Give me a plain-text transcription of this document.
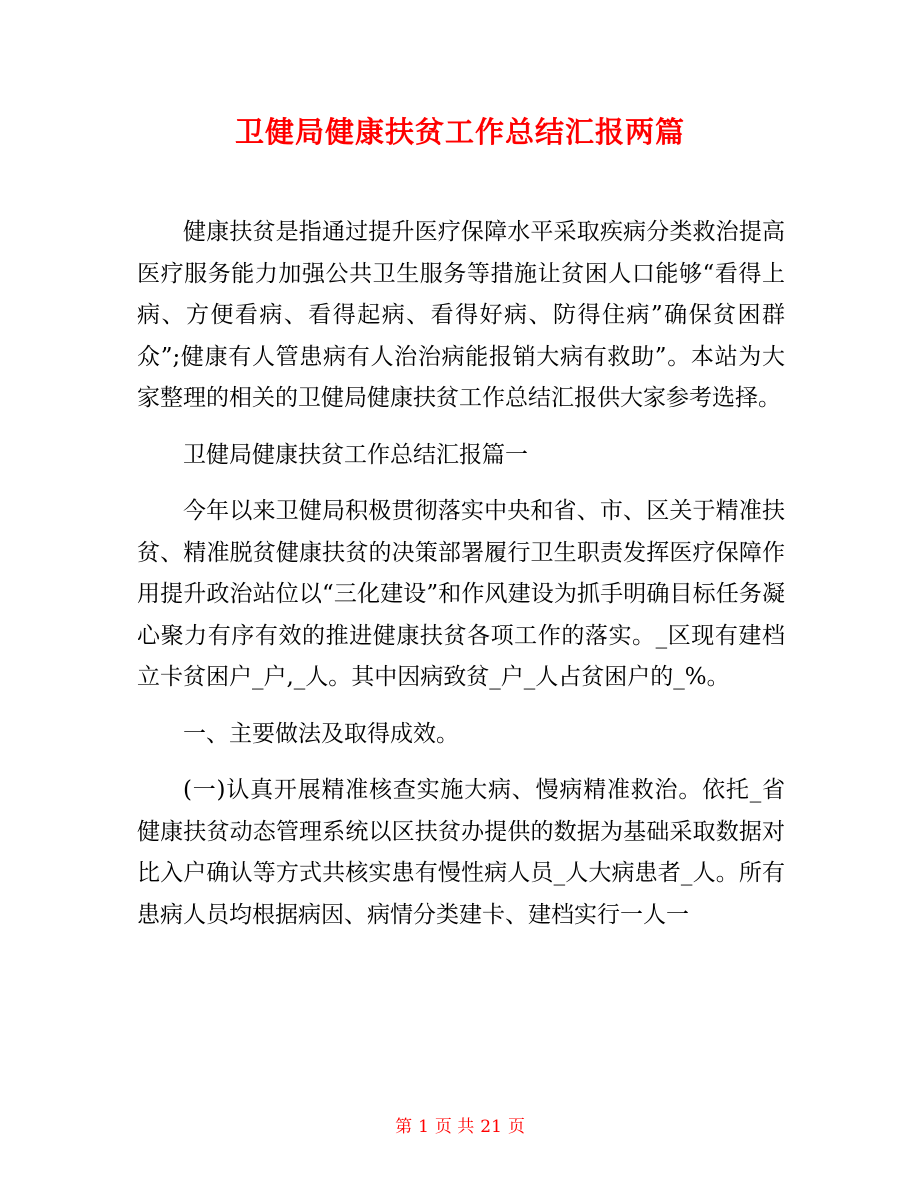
卫健局健康扶贫工作总结汇报两篇

健康扶贫是指通过提升医疗保障水平采取疾病分类救治提高医疗服务能力加强公共卫生服务等措施让贫困人口能够“看得上病、方便看病、看得起病、看得好病、防得住病”确保贫困群众”;健康有人管患病有人治治病能报销大病有救助”。本站为大家整理的相关的卫健局健康扶贫工作总结汇报供大家参考选择。

卫健局健康扶贫工作总结汇报篇一

今年以来卫健局积极贯彻落实中央和省、市、区关于精准扶贫、精准脱贫健康扶贫的决策部署履行卫生职责发挥医疗保障作用提升政治站位以“三化建设”和作风建设为抓手明确目标任务凝心聚力有序有效的推进健康扶贫各项工作的落实。_区现有建档立卡贫困户_户,_人。其中因病致贫_户_人占贫困户的_%。

一、主要做法及取得成效。

(一)认真开展精准核查实施大病、慢病精准救治。依托_省健康扶贫动态管理系统以区扶贫办提供的数据为基础采取数据对比入户确认等方式共核实患有慢性病人员_人大病患者_人。所有患病人员均根据病因、病情分类建卡、建档实行一人一

第 1 页 共 21 页
